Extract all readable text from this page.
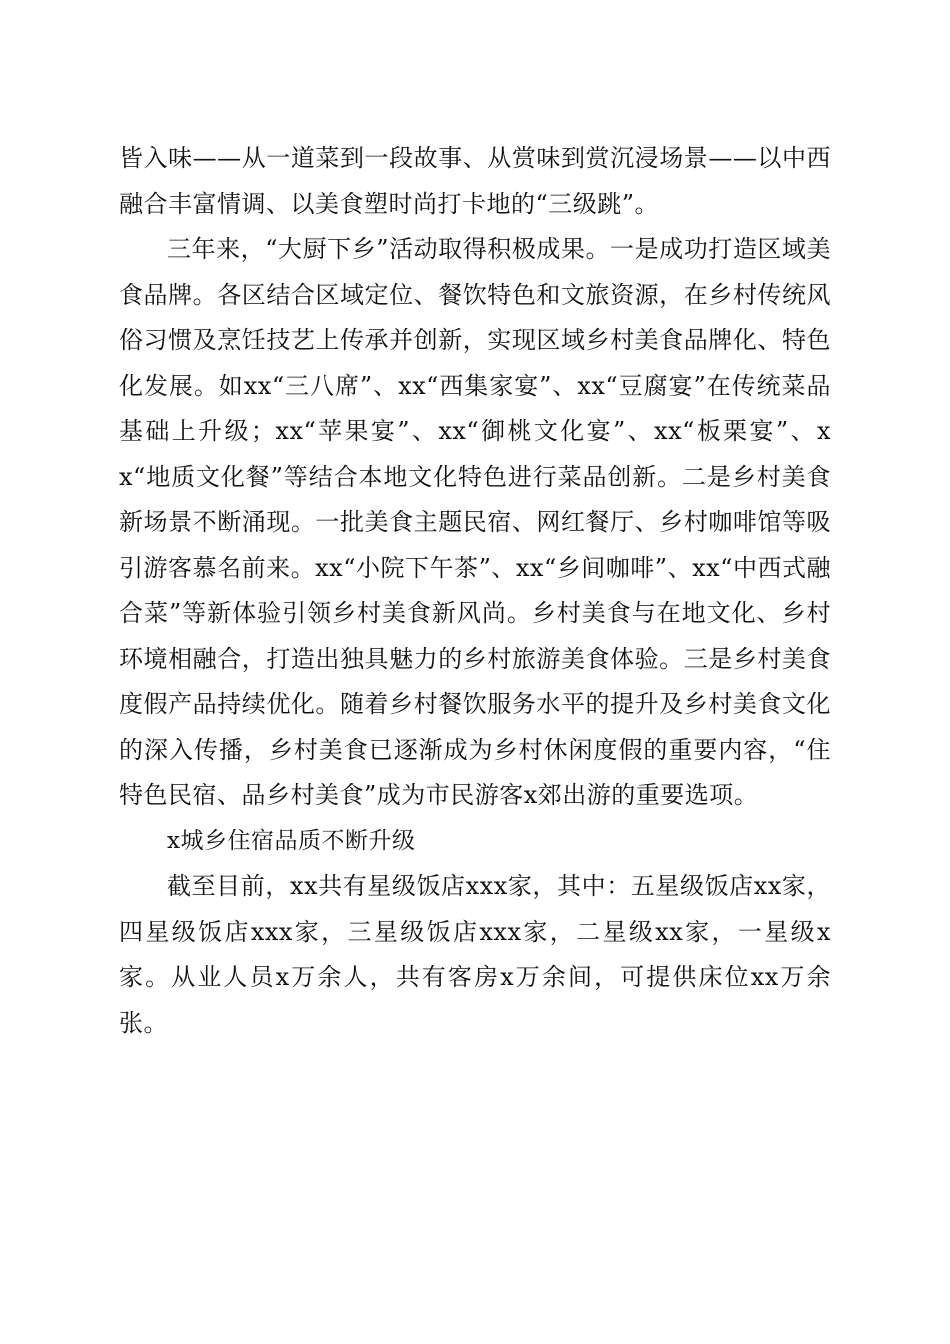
皆入味——从一道菜到一段故事、从赏味到赏沉浸场景——以中西融合丰富情调、以美食塑时尚打卡地的“三级跳”。

三年来，“大厨下乡”活动取得积极成果。一是成功打造区域美食品牌。各区结合区域定位、餐饮特色和文旅资源，在乡村传统风俗习惯及烹饪技艺上传承并创新，实现区域乡村美食品牌化、特色化发展。如xx“三八席”、xx“西集家宴”、xx“豆腐宴”在传统菜品基础上升级；xx“苹果宴”、xx“御桃文化宴”、xx“板栗宴”、xx“地质文化餐”等结合本地文化特色进行菜品创新。二是乡村美食新场景不断涌现。一批美食主题民宿、网红餐厅、乡村咖啡馆等吸引游客慕名前来。xx“小院下午茶”、xx“乡间咖啡”、xx“中西式融合菜”等新体验引领乡村美食新风尚。乡村美食与在地文化、乡村环境相融合，打造出独具魅力的乡村旅游美食体验。三是乡村美食度假产品持续优化。随着乡村餐饮服务水平的提升及乡村美食文化的深入传播，乡村美食已逐渐成为乡村休闲度假的重要内容，“住特色民宿、品乡村美食”成为市民游客x郊出游的重要选项。

x城乡住宿品质不断升级

截至目前，xx共有星级饭店xxx家，其中：五星级饭店xx家，四星级饭店xxx家，三星级饭店xxx家，二星级xx家，一星级x家。从业人员x万余人，共有客房x万余间，可提供床位xx万余张。
